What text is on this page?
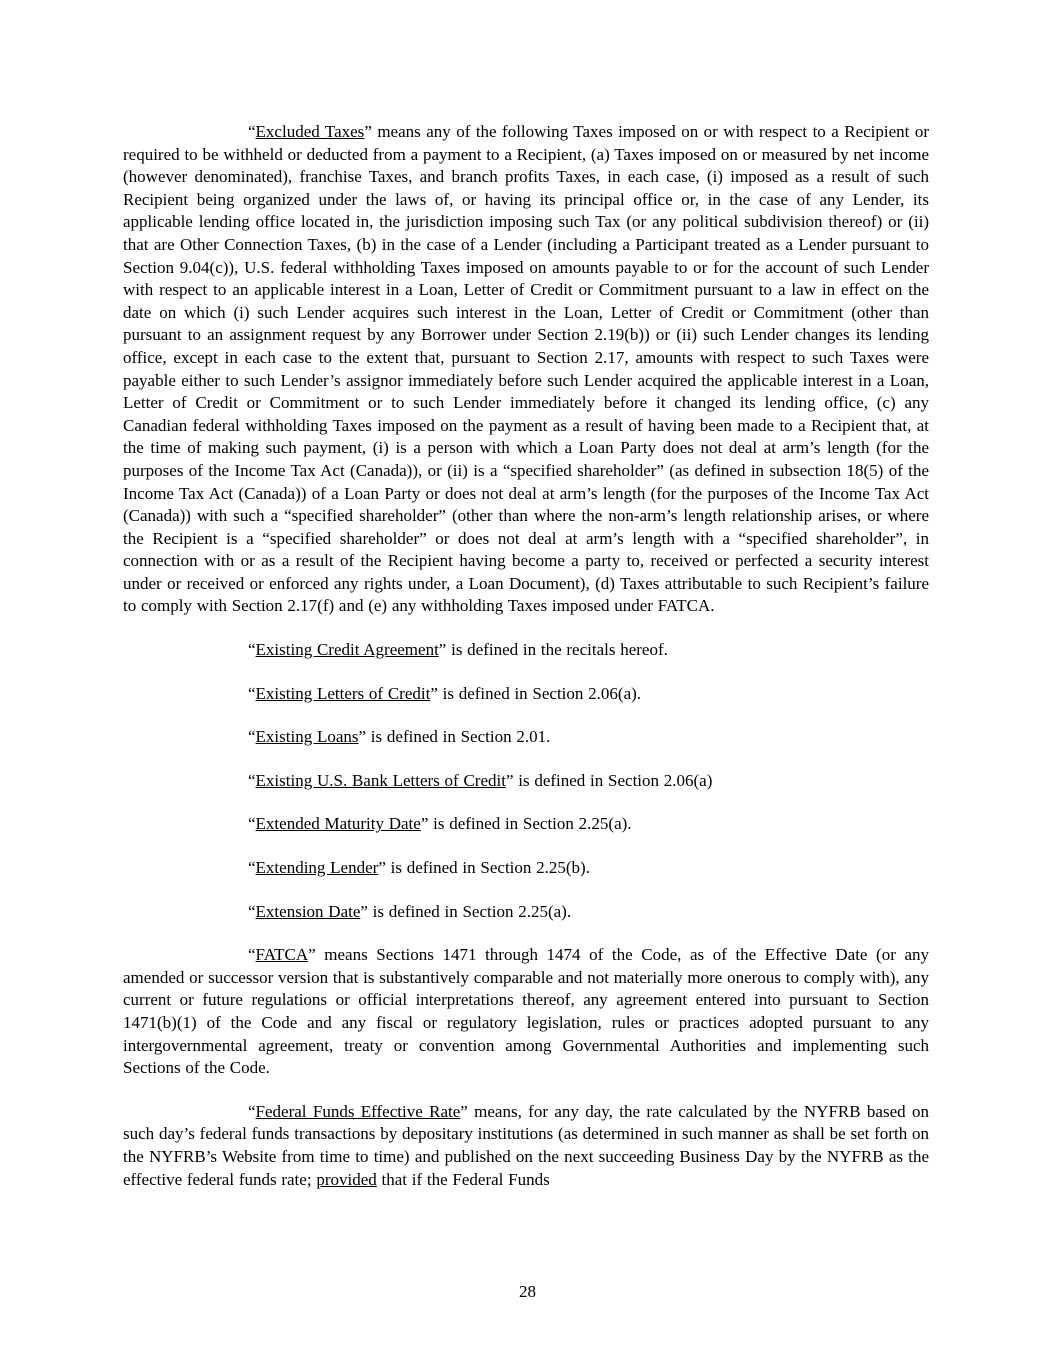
“Excluded Taxes” means any of the following Taxes imposed on or with respect to a Recipient or required to be withheld or deducted from a payment to a Recipient, (a) Taxes imposed on or measured by net income (however denominated), franchise Taxes, and branch profits Taxes, in each case, (i) imposed as a result of such Recipient being organized under the laws of, or having its principal office or, in the case of any Lender, its applicable lending office located in, the jurisdiction imposing such Tax (or any political subdivision thereof) or (ii) that are Other Connection Taxes, (b) in the case of a Lender (including a Participant treated as a Lender pursuant to Section 9.04(c)), U.S. federal withholding Taxes imposed on amounts payable to or for the account of such Lender with respect to an applicable interest in a Loan, Letter of Credit or Commitment pursuant to a law in effect on the date on which (i) such Lender acquires such interest in the Loan, Letter of Credit or Commitment (other than pursuant to an assignment request by any Borrower under Section 2.19(b)) or (ii) such Lender changes its lending office, except in each case to the extent that, pursuant to Section 2.17, amounts with respect to such Taxes were payable either to such Lender’s assignor immediately before such Lender acquired the applicable interest in a Loan, Letter of Credit or Commitment or to such Lender immediately before it changed its lending office, (c) any Canadian federal withholding Taxes imposed on the payment as a result of having been made to a Recipient that, at the time of making such payment, (i) is a person with which a Loan Party does not deal at arm’s length (for the purposes of the Income Tax Act (Canada)), or (ii) is a “specified shareholder” (as defined in subsection 18(5) of the Income Tax Act (Canada)) of a Loan Party or does not deal at arm’s length (for the purposes of the Income Tax Act (Canada)) with such a “specified shareholder” (other than where the non-arm’s length relationship arises, or where the Recipient is a “specified shareholder” or does not deal at arm’s length with a “specified shareholder”, in connection with or as a result of the Recipient having become a party to, received or perfected a security interest under or received or enforced any rights under, a Loan Document), (d) Taxes attributable to such Recipient’s failure to comply with Section 2.17(f) and (e) any withholding Taxes imposed under FATCA.

“Existing Credit Agreement” is defined in the recitals hereof.

“Existing Letters of Credit” is defined in Section 2.06(a).

“Existing Loans” is defined in Section 2.01.

“Existing U.S. Bank Letters of Credit” is defined in Section 2.06(a)

“Extended Maturity Date” is defined in Section 2.25(a).

“Extending Lender” is defined in Section 2.25(b).

“Extension Date” is defined in Section 2.25(a).

“FATCA” means Sections 1471 through 1474 of the Code, as of the Effective Date (or any amended or successor version that is substantively comparable and not materially more onerous to comply with), any current or future regulations or official interpretations thereof, any agreement entered into pursuant to Section 1471(b)(1) of the Code and any fiscal or regulatory legislation, rules or practices adopted pursuant to any intergovernmental agreement, treaty or convention among Governmental Authorities and implementing such Sections of the Code.

“Federal Funds Effective Rate” means, for any day, the rate calculated by the NYFRB based on such day’s federal funds transactions by depositary institutions (as determined in such manner as shall be set forth on the NYFRB’s Website from time to time) and published on the next succeeding Business Day by the NYFRB as the effective federal funds rate; provided that if the Federal Funds

28
